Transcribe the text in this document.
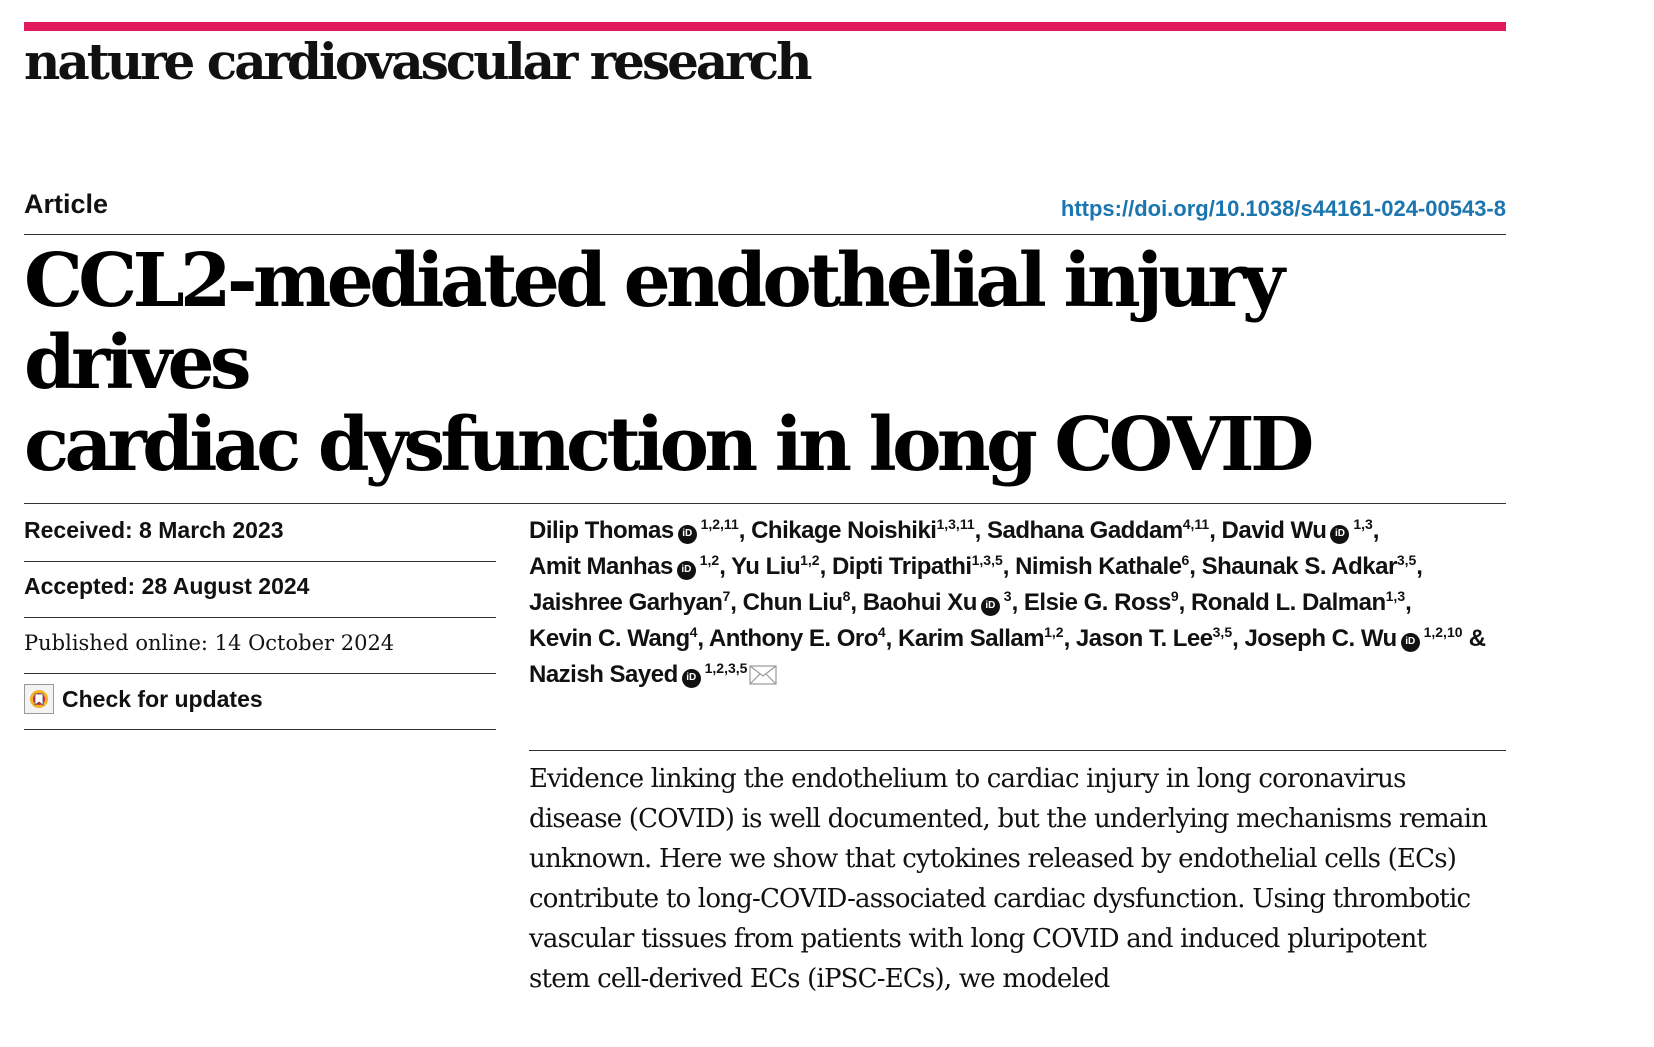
nature cardiovascular research
Article	https://doi.org/10.1038/s44161-024-00543-8
CCL2-mediated endothelial injury drives
cardiac dysfunction in long COVID
Received: 8 March 2023
Accepted: 28 August 2024
Published online: 14 October 2024
Check for updates
Dilip Thomas iD $^{1,2,11}$, Chikage Noishiki$^{1,3,11}$, Sadhana Gaddam$^{4,11}$, David Wu iD $^{1,3}$, Amit Manhas iD $^{1,2}$, Yu Liu$^{1,2}$, Dipti Tripathi$^{1,3,5}$, Nimish Kathale$^6$, Shaunak S. Adkar$^{3,5}$, Jaishree Garhyan$^7$, Chun Liu$^8$, Baohui Xu iD $^3$, Elsie G. Ross$^9$, Ronald L. Dalman$^{1,3}$, Kevin C. Wang$^4$, Anthony E. Oro$^4$, Karim Sallam$^{1,2}$, Jason T. Lee$^{3,5}$, Joseph C. Wu iD $^{1,2,10}$ & Nazish Sayed iD $^{1,2,3,5}$

Evidence linking the endothelium to cardiac injury in long coronavirus disease (COVID) is well documented, but the underlying mechanisms remain unknown. Here we show that cytokines released by endothelial cells (ECs) contribute to long-COVID-associated cardiac dysfunction. Using thrombotic vascular tissues from patients with long COVID and induced pluripotent stem cell-derived ECs (iPSC-ECs), we modeled
